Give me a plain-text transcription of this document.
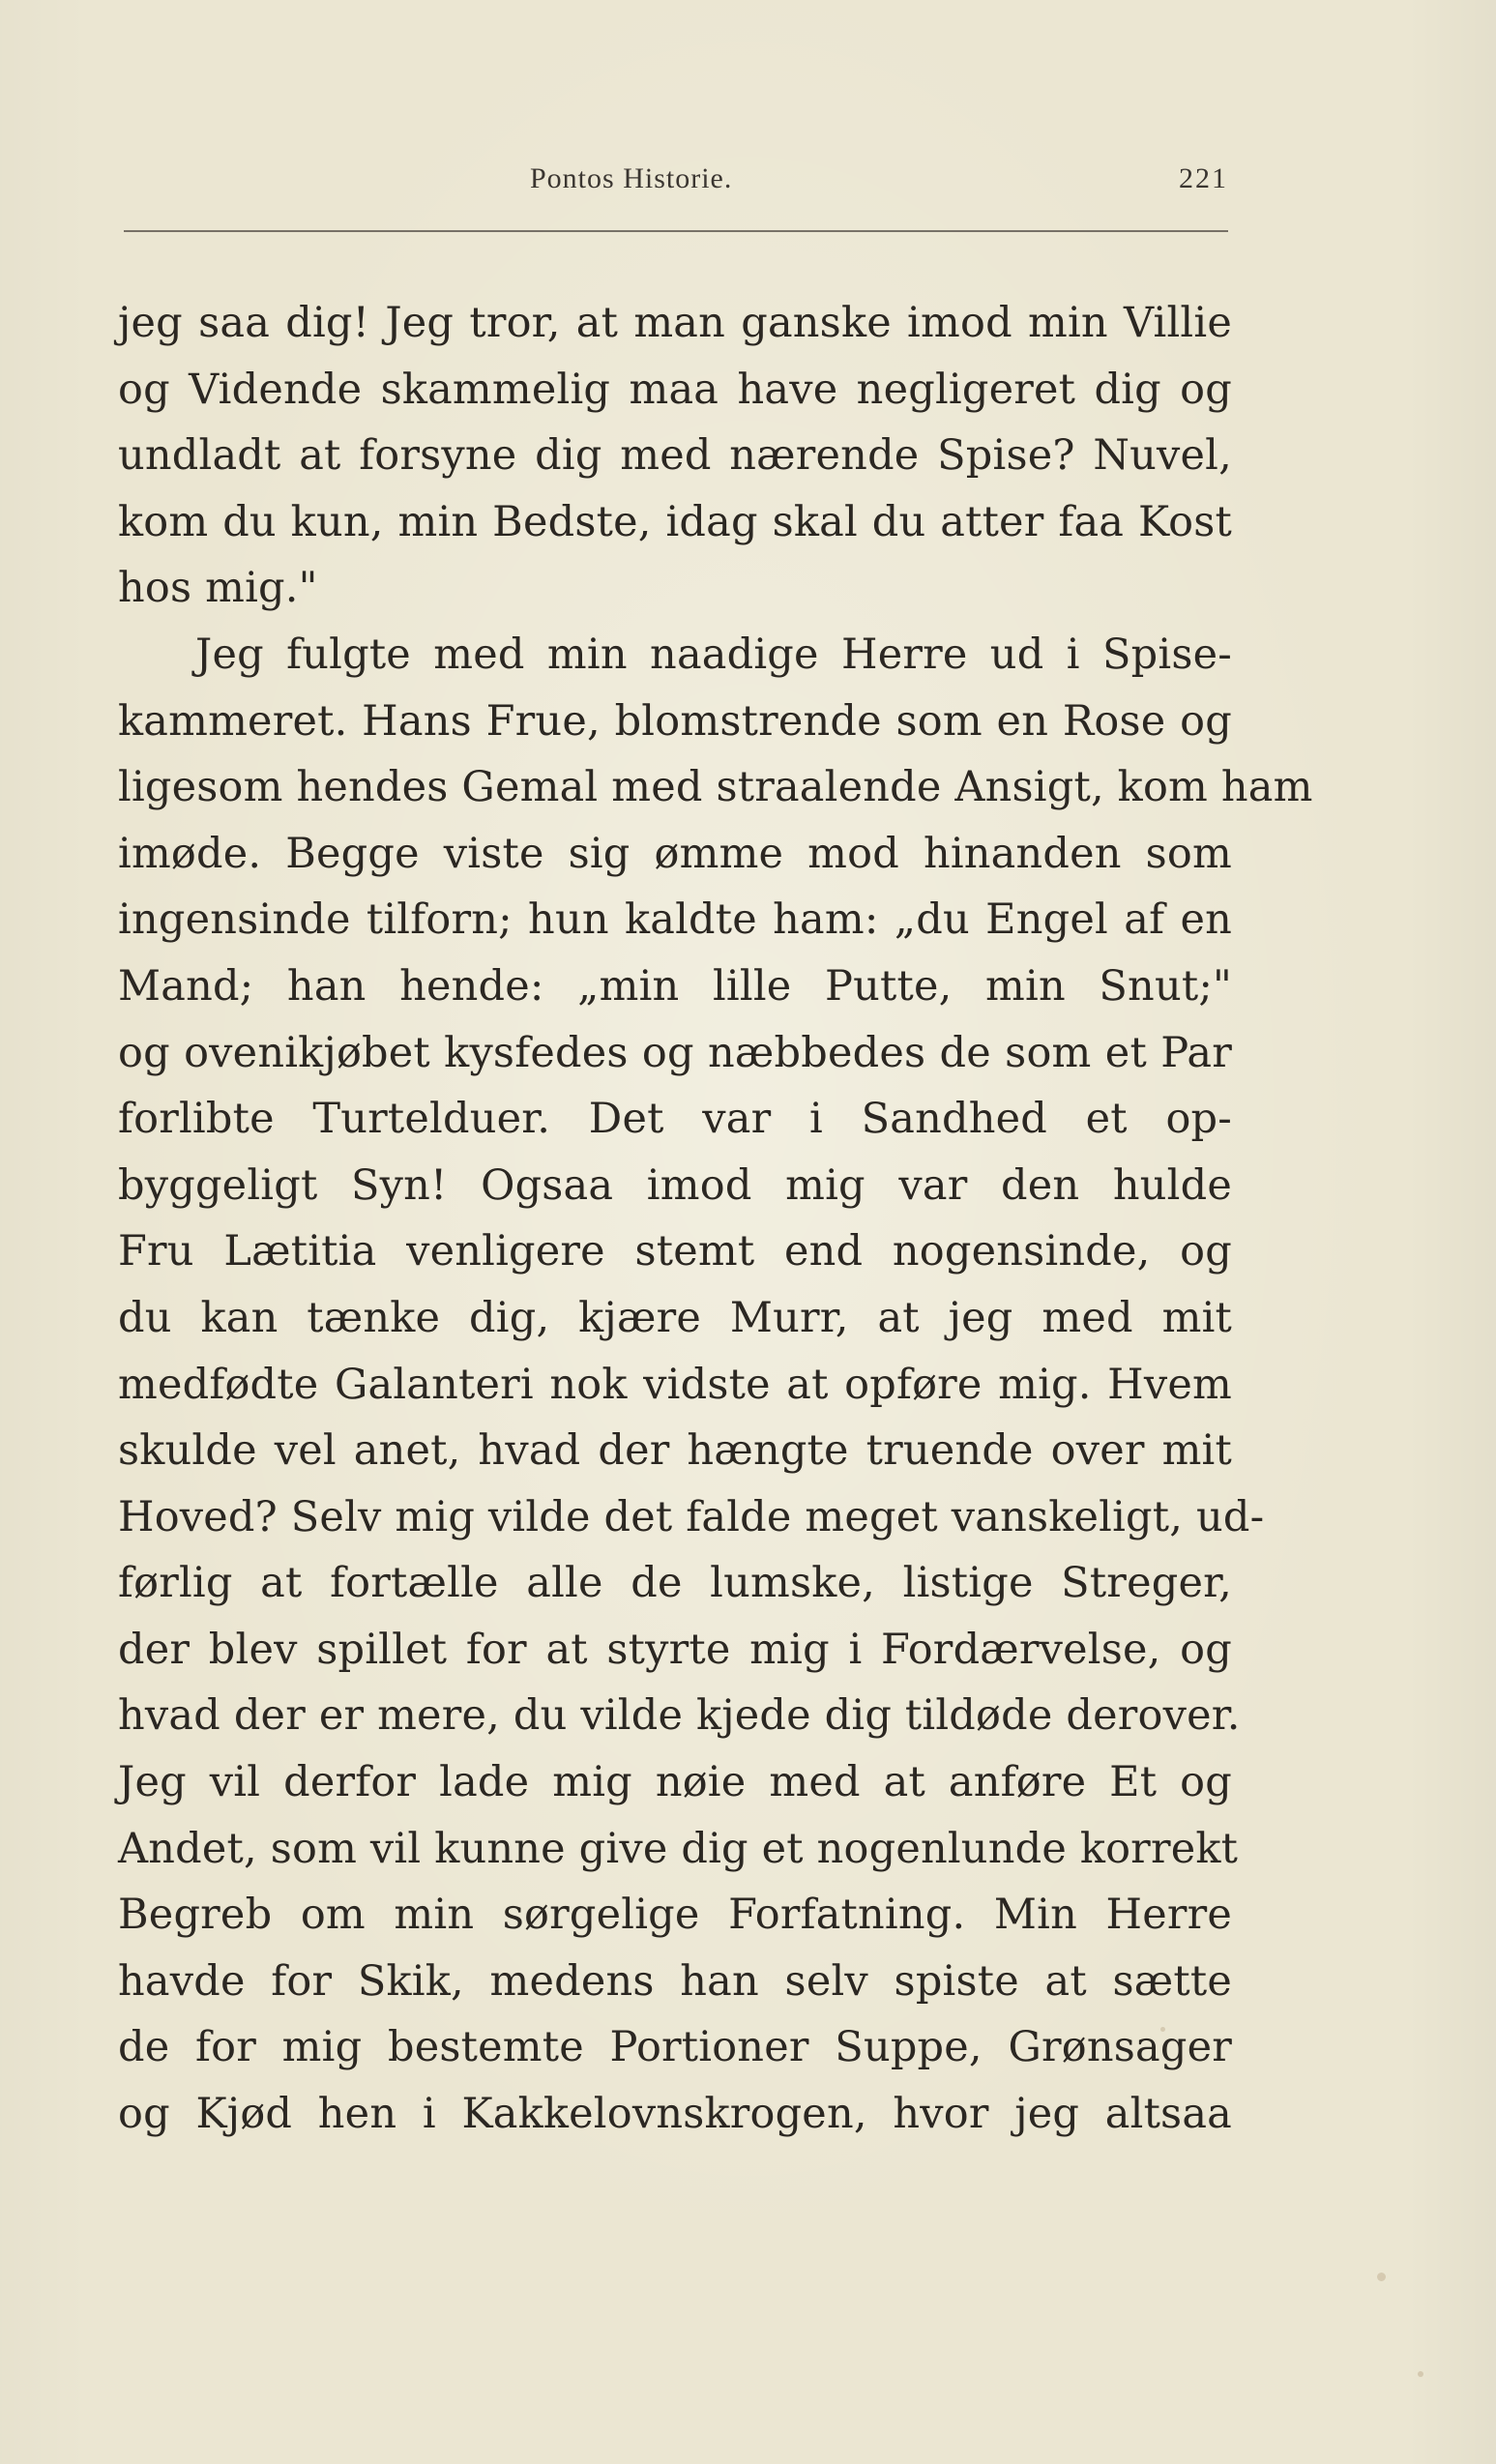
Pontos Historie.	221
jeg saa dig! Jeg tror, at man ganske imod min Villie
og Vidende skammelig maa have negligeret dig og
undladt at forsyne dig med nærende Spise? Nuvel,
kom du kun, min Bedste, idag skal du atter faa Kost
hos mig."
Jeg fulgte med min naadige Herre ud i Spise-
kammeret. Hans Frue, blomstrende som en Rose og
ligesom hendes Gemal med straalende Ansigt, kom ham
imøde. Begge viste sig ømme mod hinanden som
ingensinde tilforn; hun kaldte ham: „du Engel af en
Mand; han hende: „min lille Putte, min Snut;"
og ovenikjøbet kysfedes og næbbedes de som et Par
forlibte Turtelduer. Det var i Sandhed et op-
byggeligt Syn! Ogsaa imod mig var den hulde
Fru Lætitia venligere stemt end nogensinde, og
du kan tænke dig, kjære Murr, at jeg med mit
medfødte Galanteri nok vidste at opføre mig. Hvem
skulde vel anet, hvad der hængte truende over mit
Hoved? Selv mig vilde det falde meget vanskeligt, ud-
førlig at fortælle alle de lumske, listige Streger,
der blev spillet for at styrte mig i Fordærvelse, og
hvad der er mere, du vilde kjede dig tildøde derover.
Jeg vil derfor lade mig nøie med at anføre Et og
Andet, som vil kunne give dig et nogenlunde korrekt
Begreb om min sørgelige Forfatning. Min Herre
havde for Skik, medens han selv spiste at sætte
de for mig bestemte Portioner Suppe, Grønsager
og Kjød hen i Kakkelovnskrogen, hvor jeg altsaa
